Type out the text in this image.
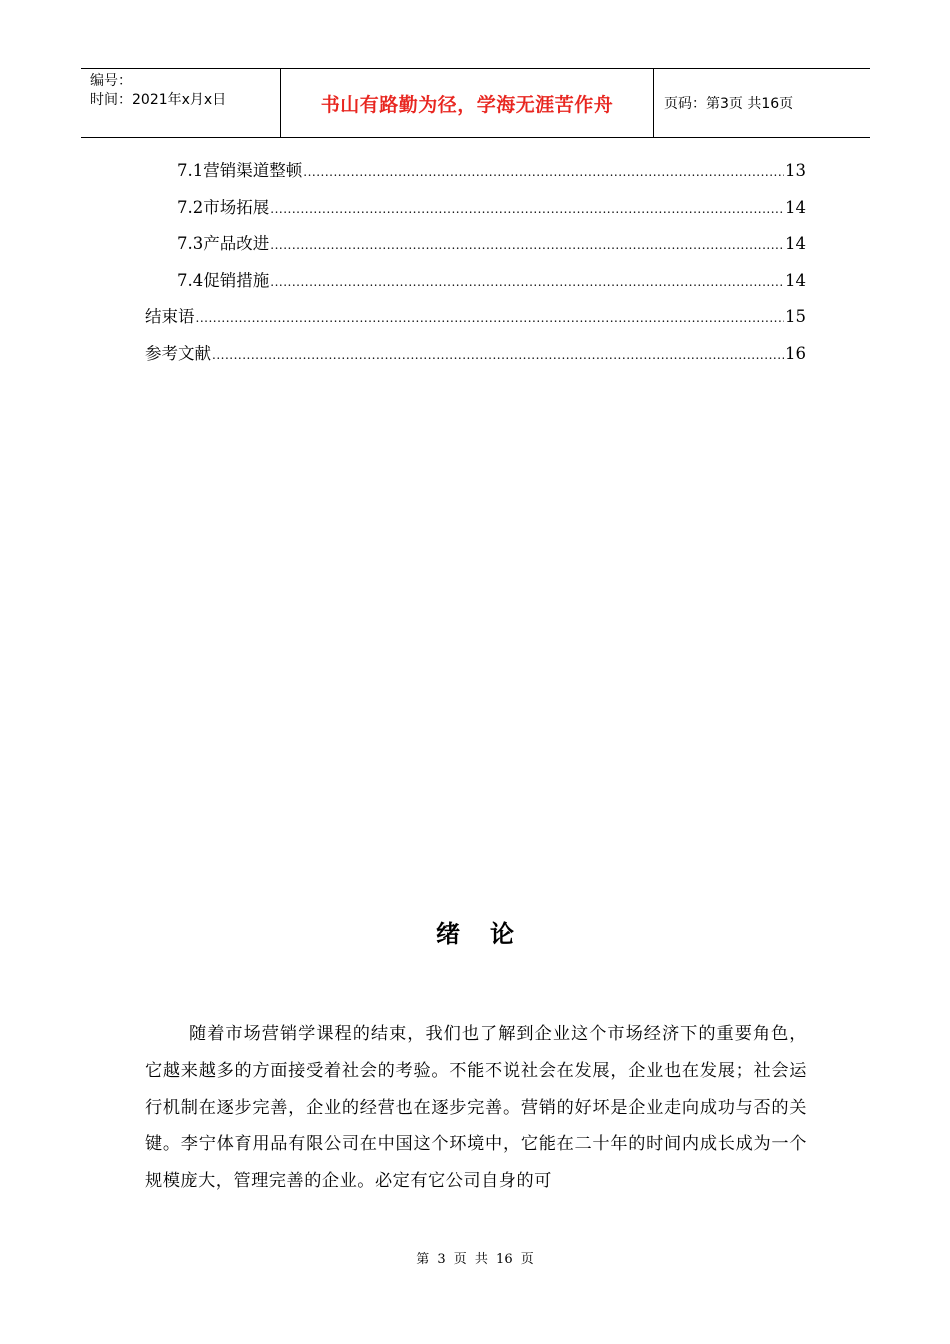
编号：
时间：2021年x月x日	书山有路勤为径，学海无涯苦作舟	页码：第3页 共16页
7.1营销渠道整顿 .....	13
7.2市场拓展 .....	14
7.3产品改进 .....	14
7.4促销措施 .....	14
结束语 .....	15
参考文献 .....	16
绪论
随着市场营销学课程的结束，我们也了解到企业这个市场经济下的重要角色，它越来越多的方面接受着社会的考验。不能不说社会在发展，企业也在发展；社会运行机制在逐步完善，企业的经营也在逐步完善。营销的好坏是企业走向成功与否的关键。李宁体育用品有限公司在中国这个环境中，它能在二十年的时间内成长成为一个规模庞大，管理完善的企业。必定有它公司自身的可
第 3 页 共 16 页
